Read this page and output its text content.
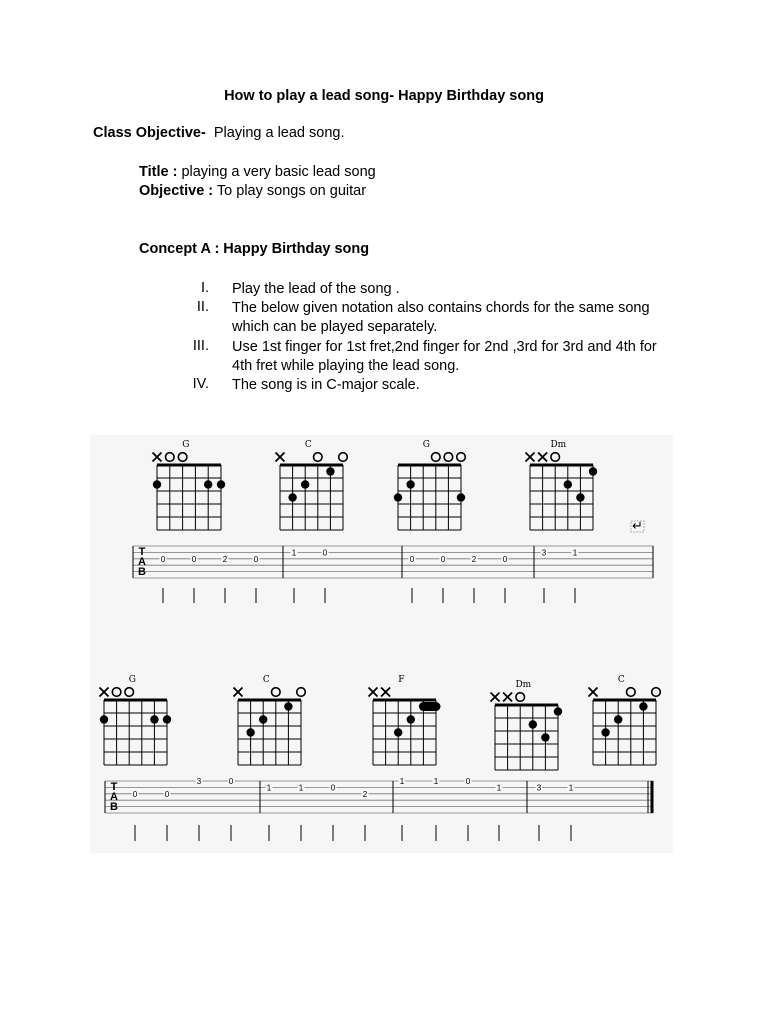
How to play a lead song- Happy Birthday song
Class Objective- Playing a lead song.
Title : playing a very basic lead song
Objective : To play songs on guitar
Concept A : Happy Birthday song
I. Play the lead of the song .
II. The below given notation also contains chords for the same song which can be played separately.
III. Use 1st finger for 1st fret,2nd finger for 2nd ,3rd for 3rd and 4th for 4th fret while playing the lead song.
IV. The song is in C-major scale.
G	C	G	Dm
G	C	F	Dm	C
↵
T
A
B
0	0	2	0
1	0
0	0	2	0
3	1
T
A
B
0	0
3	0
1	1	0
2
1	1	0
1	3	1
